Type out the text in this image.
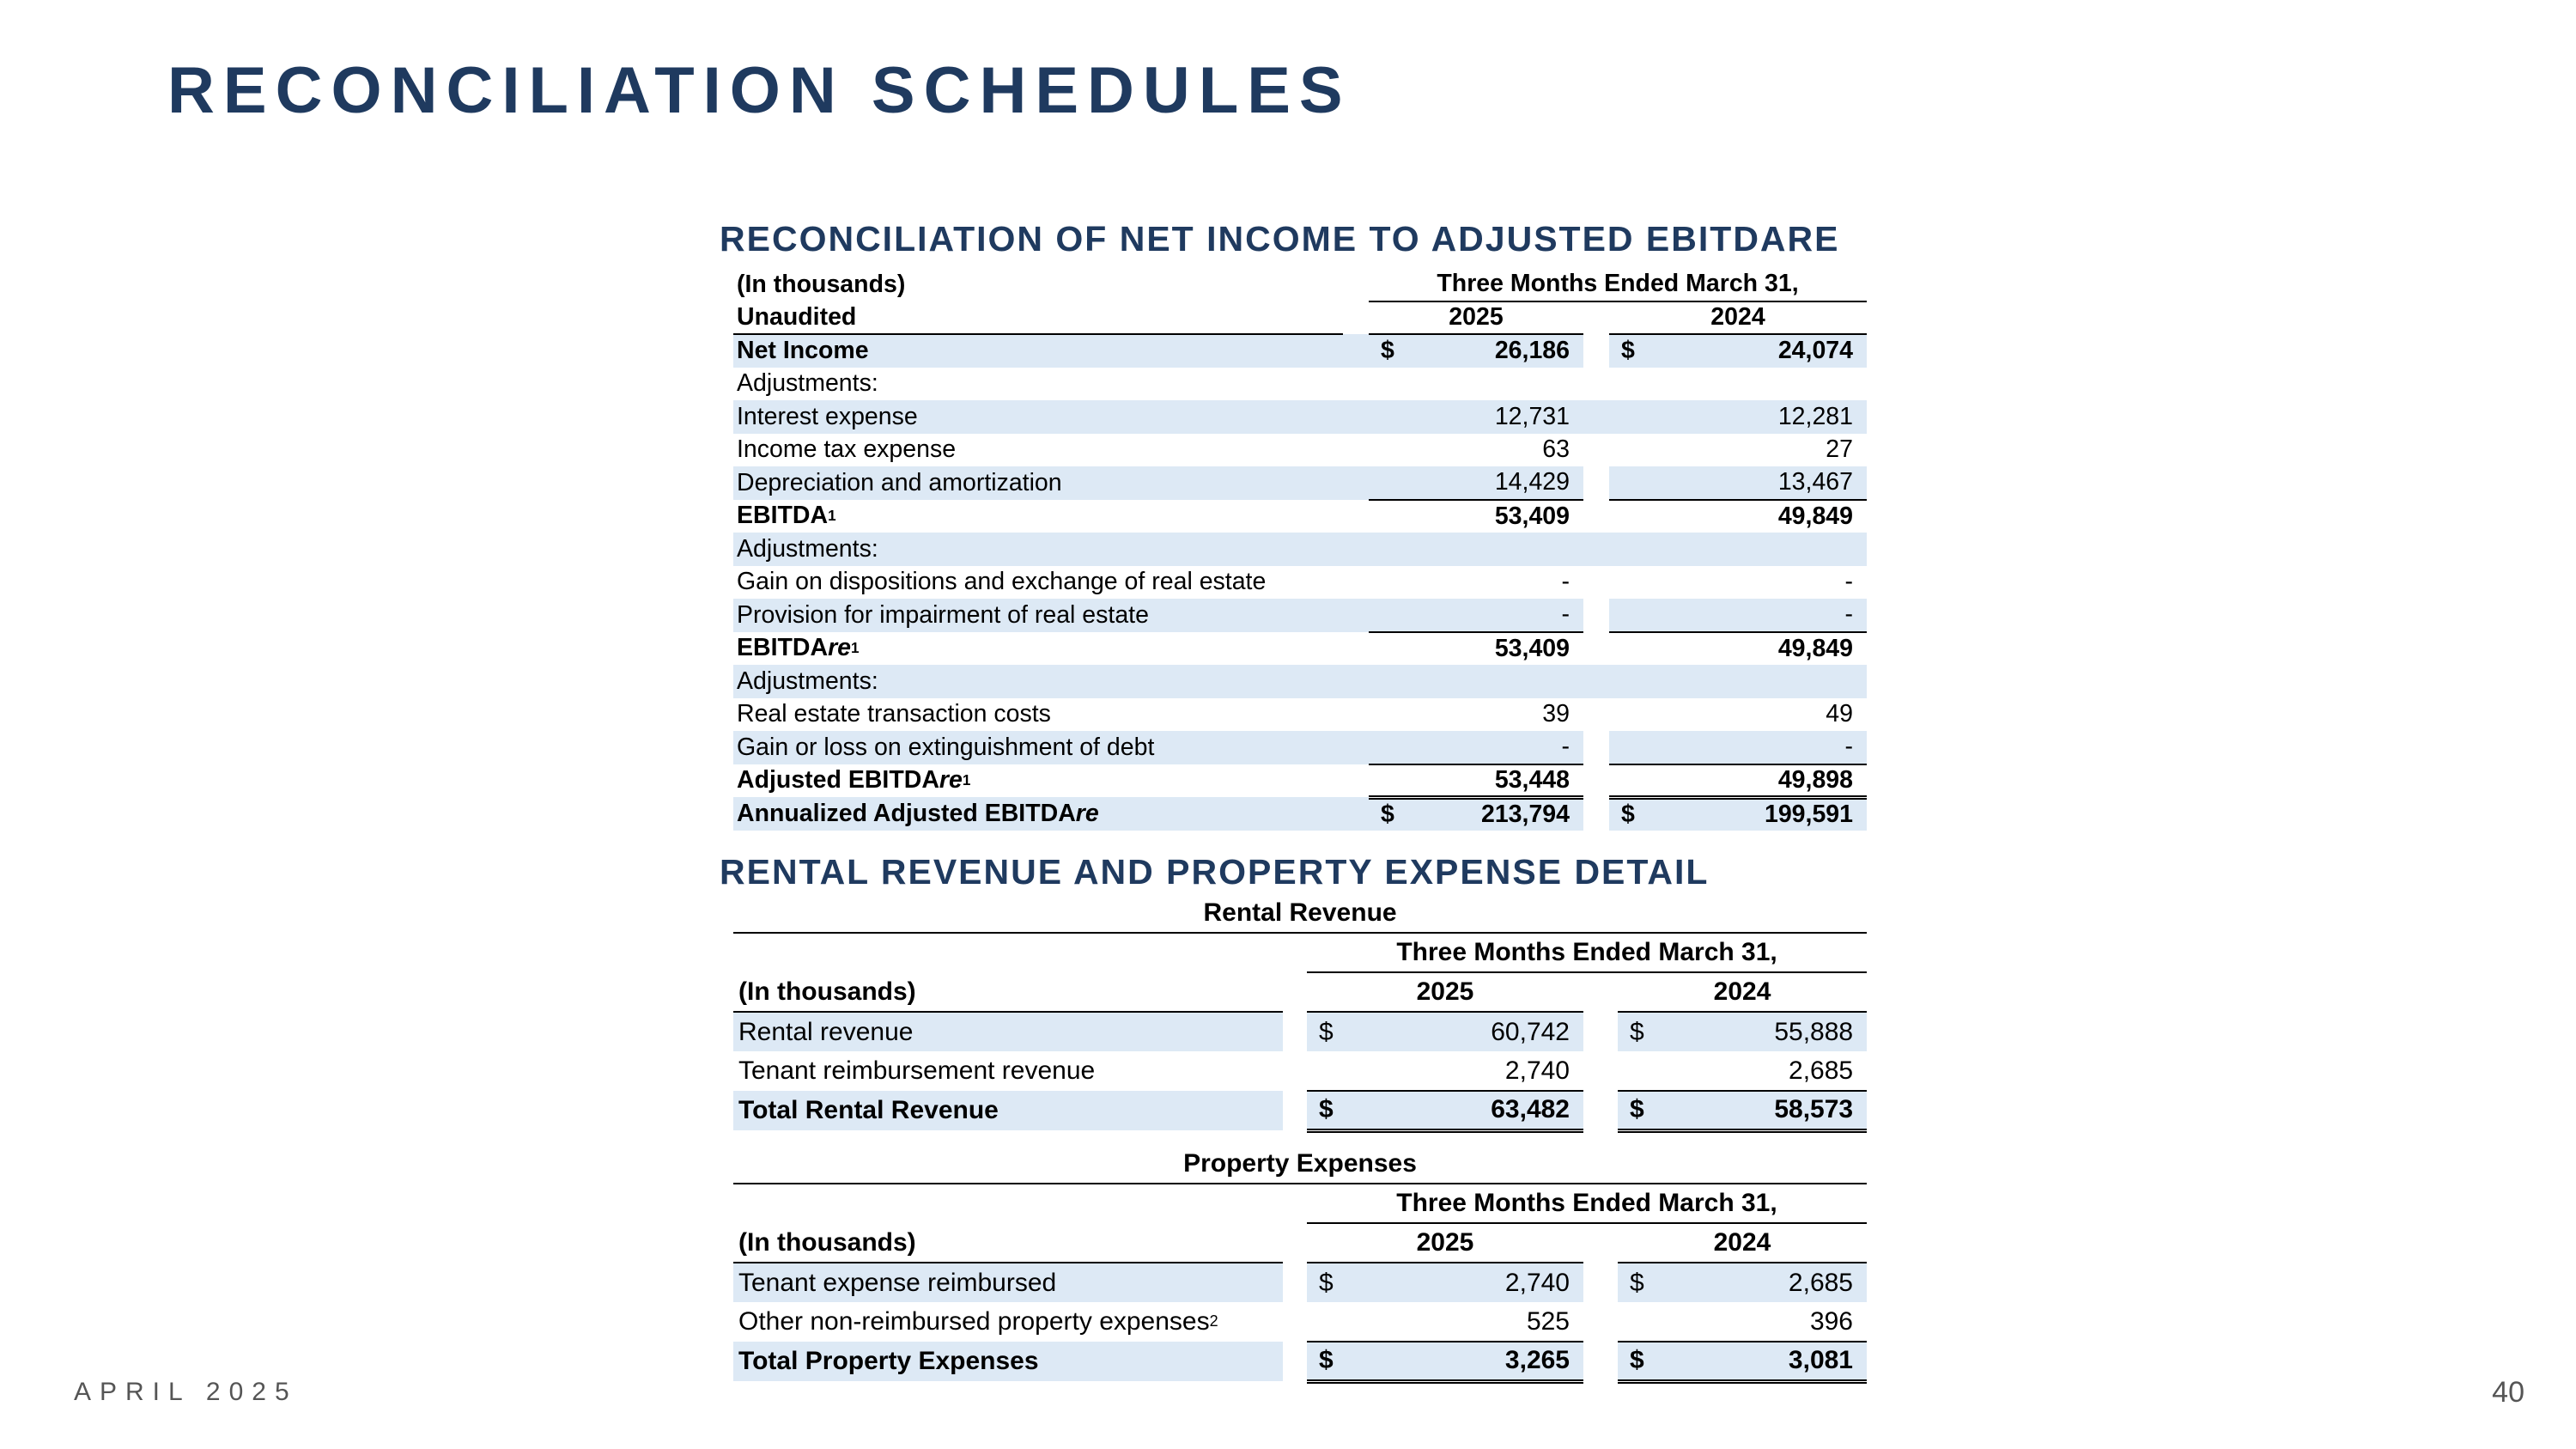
RECONCILIATION SCHEDULES
RECONCILIATION OF NET INCOME TO ADJUSTED EBITDARE
(In thousands)		Three Months Ended March 31,				
Unaudited		2025			2024	
Net Income		$	26,186		$	24,074
Adjustments:						
Interest expense			12,731			12,281
Income tax expense			63			27
Depreciation and amortization			14,429			13,467
EBITDA$^1$			53,409			49,849
Adjustments:						
Gain on dispositions and exchange of real estate			-			-
Provision for impairment of real estate			-			-
EBITDAre$^1$			53,409			49,849
Adjustments:						
Real estate transaction costs			39			49
Gain or loss on extinguishment of debt			-			-
Adjusted EBITDAre$^1$			53,448			49,898
Annualized Adjusted EBITDAre		$	213,794		$	199,591
RENTAL REVENUE AND PROPERTY EXPENSE DETAIL
Rental Revenue						
		Three Months Ended March 31,				
(In thousands)		2025			2024	
Rental revenue		$	60,742		$	55,888
Tenant reimbursement revenue			2,740			2,685
Total Rental Revenue		$	63,482		$	58,573
Property Expenses						
		Three Months Ended March 31,				
(In thousands)		2025			2024	
Tenant expense reimbursed		$	2,740		$	2,685
Other non-reimbursed property expenses$^2$			525			396
Total Property Expenses		$	3,265		$	3,081
APRIL 2025	40
